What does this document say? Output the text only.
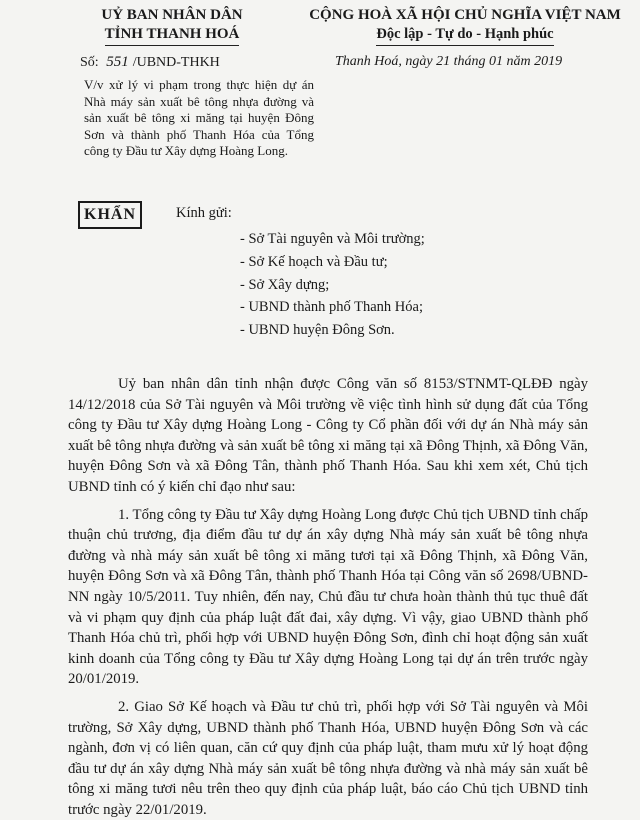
UỶ BAN NHÂN DÂN
TỈNH THANH HOÁ
CỘNG HOÀ XÃ HỘI CHỦ NGHĨA VIỆT NAM
Độc lập - Tự do - Hạnh phúc
Số: 551 /UBND-THKH	Thanh Hoá, ngày 21 tháng 01 năm 2019
V/v xử lý vi phạm trong thực hiện dự án Nhà máy sản xuất bê tông nhựa đường và sản xuất bê tông xi măng tại huyện Đông Sơn và thành phố Thanh Hóa của Tổng công ty Đầu tư Xây dựng Hoàng Long.
KHẨN	Kính gửi:
- Sở Tài nguyên và Môi trường;
- Sở Kế hoạch và Đầu tư;
- Sở Xây dựng;
- UBND thành phố Thanh Hóa;
- UBND huyện Đông Sơn.

Uỷ ban nhân dân tỉnh nhận được Công văn số 8153/STNMT-QLĐĐ ngày 14/12/2018 của Sở Tài nguyên và Môi trường về việc tình hình sử dụng đất của Tổng công ty Đầu tư Xây dựng Hoàng Long - Công ty Cổ phần đối với dự án Nhà máy sản xuất bê tông nhựa đường và sản xuất bê tông xi măng tại xã Đông Thịnh, xã Đông Văn, huyện Đông Sơn và xã Đông Tân, thành phố Thanh Hóa. Sau khi xem xét, Chủ tịch UBND tỉnh có ý kiến chỉ đạo như sau:

1. Tổng công ty Đầu tư Xây dựng Hoàng Long được Chủ tịch UBND tỉnh chấp thuận chủ trương, địa điểm đầu tư dự án xây dựng Nhà máy sản xuất bê tông nhựa đường và nhà máy sản xuất bê tông xi măng tươi tại xã Đông Thịnh, xã Đông Văn, huyện Đông Sơn và xã Đông Tân, thành phố Thanh Hóa tại Công văn số 2698/UBND-NN ngày 10/5/2011. Tuy nhiên, đến nay, Chủ đầu tư chưa hoàn thành thủ tục thuê đất và vi phạm quy định của pháp luật đất đai, xây dựng. Vì vậy, giao UBND thành phố Thanh Hóa chủ trì, phối hợp với UBND huyện Đông Sơn, đình chỉ hoạt động sản xuất kinh doanh của Tổng công ty Đầu tư Xây dựng Hoàng Long tại dự án trên trước ngày 20/01/2019.

2. Giao Sở Kế hoạch và Đầu tư chủ trì, phối hợp với Sở Tài nguyên và Môi trường, Sở Xây dựng, UBND thành phố Thanh Hóa, UBND huyện Đông Sơn và các ngành, đơn vị có liên quan, căn cứ quy định của pháp luật, tham mưu xử lý hoạt động đầu tư dự án xây dựng Nhà máy sản xuất bê tông nhựa đường và nhà máy sản xuất bê tông xi măng tươi nêu trên theo quy định của pháp luật, báo cáo Chủ tịch UBND tỉnh trước ngày 22/01/2019.
